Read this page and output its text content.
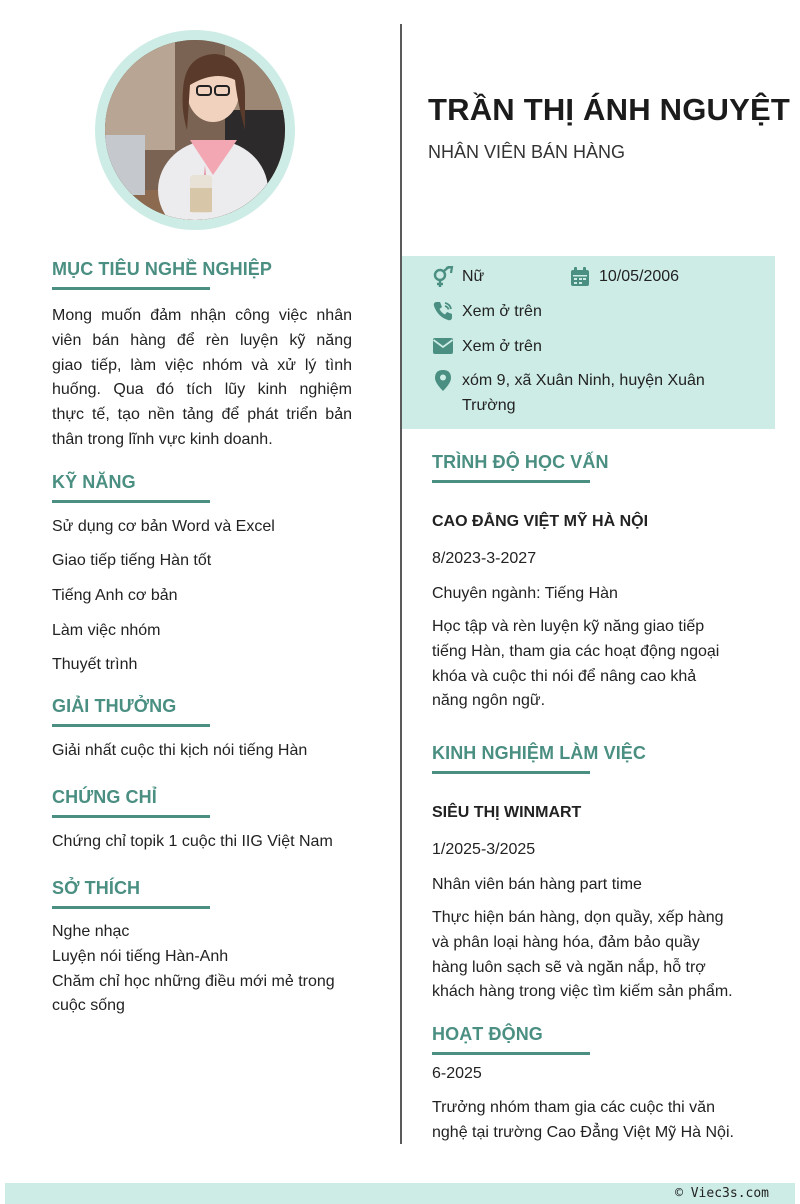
MỤC TIÊU NGHỀ NGHIỆP

Mong muốn đảm nhận công việc nhân

viên bán hàng để rèn luyện kỹ năng

giao tiếp, làm việc nhóm và xử lý tình

huống. Qua đó tích lũy kinh nghiệm

thực tế, tạo nền tảng để phát triển bản

thân trong lĩnh vực kinh doanh.

KỸ NĂNG

Sử dụng cơ bản Word và Excel

Giao tiếp tiếng Hàn tốt

Tiếng Anh cơ bản

Làm việc nhóm

Thuyết trình

GIẢI THƯỞNG

Giải nhất cuộc thi kịch nói tiếng Hàn

CHỨNG CHỈ

Chứng chỉ topik 1 cuộc thi IIG Việt Nam

SỞ THÍCH

Nghe nhạc

Luyện nói tiếng Hàn-Anh

Chăm chỉ học những điều mới mẻ trong

cuộc sống

TRẦN THỊ ÁNH NGUYỆT

NHÂN VIÊN BÁN HÀNG

Nữ	10/05/2006
Xem ở trên
Xem ở trên
xóm 9, xã Xuân Ninh, huyện Xuân
Trường
TRÌNH ĐỘ HỌC VẤN

CAO ĐẲNG VIỆT MỸ HÀ NỘI

8/2023-3-2027

Chuyên ngành: Tiếng Hàn

Học tập và rèn luyện kỹ năng giao tiếp

tiếng Hàn, tham gia các hoạt động ngoại

khóa và cuộc thi nói để nâng cao khả

năng ngôn ngữ.

KINH NGHIỆM LÀM VIỆC

SIÊU THỊ WINMART

1/2025-3/2025

Nhân viên bán hàng part time

Thực hiện bán hàng, dọn quầy, xếp hàng

và phân loại hàng hóa, đảm bảo quầy

hàng luôn sạch sẽ và ngăn nắp, hỗ trợ

khách hàng trong việc tìm kiếm sản phẩm.

HOẠT ĐỘNG

6-2025

Trưởng nhóm tham gia các cuộc thi văn

nghệ tại trường Cao Đẳng Việt Mỹ Hà Nội.

© Viec3s.com
